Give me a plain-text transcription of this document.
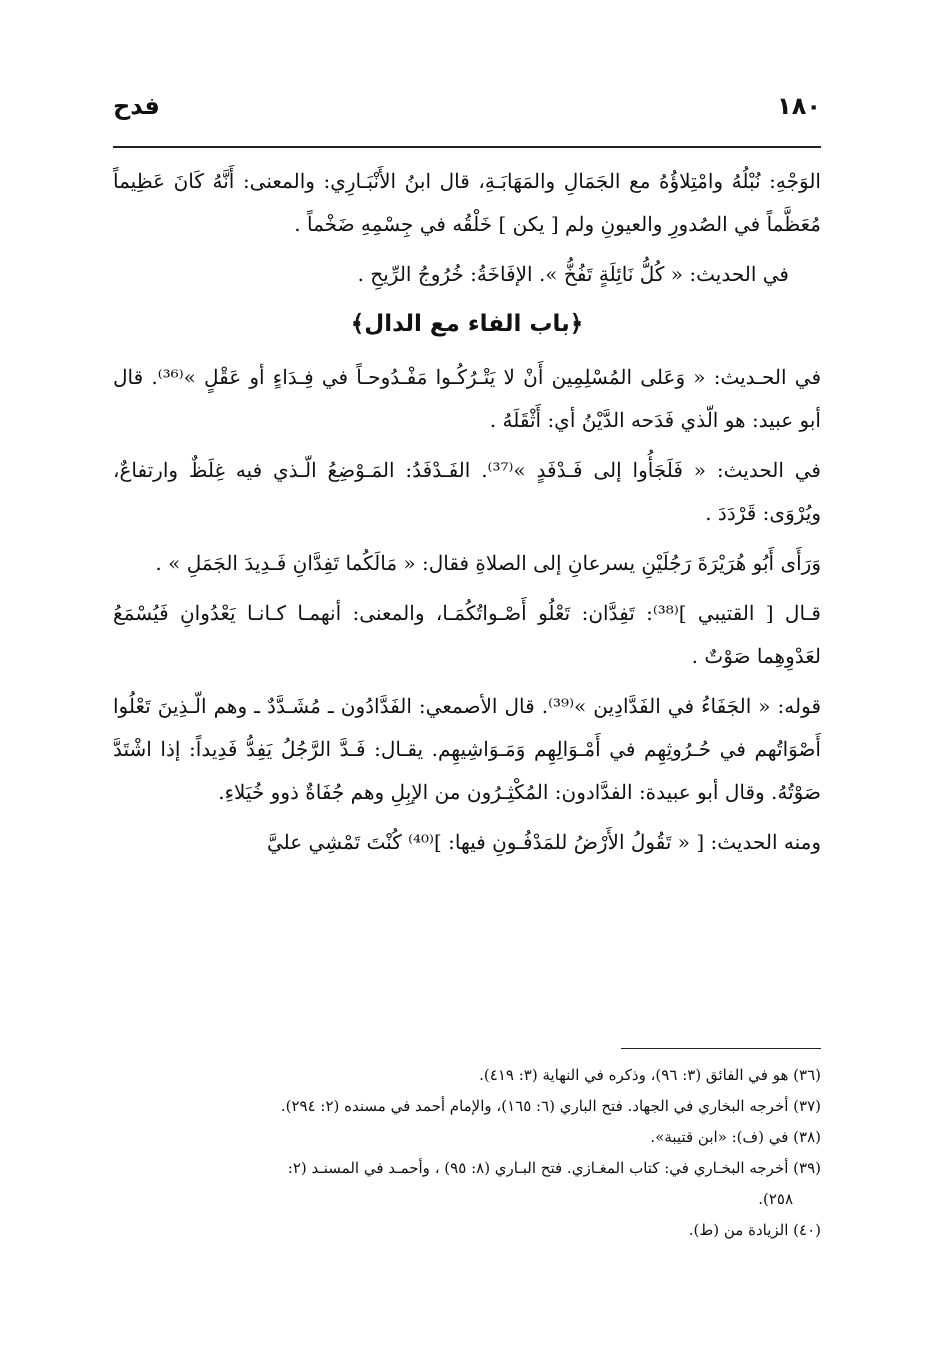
١٨٠
فدح

الوَجْهِ: نُبْلُهُ وامْتِلاؤُهُ مع الجَمَالِ والمَهَابَـةِ، قال ابنُ الأَنْبَـارِي: والمعنى: أَنَّهُ كَانَ عَظِيماً مُعَظَّماً في الصُدورِ والعيونِ ولم [ يكن ] خَلْقُه في جِسْمِهِ ضَخْماً .

في الحديث: « كُلُّ نَائِلَةٍ تَفُخُّ ». الإفَاخَةُ: خُرُوجُ الرِّيحِ .

﴿باب الفاء مع الدال﴾

في الحـديث: « وَعَلى المُسْلِمِين أَنْ لا يَتْـرُكُـوا مَفْـدُوحـاً في فِـدَاءٍ أو عَقْلٍ »⁽³⁶⁾. قال أبو عبيد: هو الّذي فَدَحه الدَّيْنُ أي: أَثْقَلَهُ .

في الحديث: « فَلَجَأُوا إلى فَـدْفَدٍ »⁽³⁷⁾. الفَـدْفَدُ: المَـوْضِعُ الّـذي فيه غِلَظٌ وارتفاعٌ، ويُرْوَى: قَرْدَدَ .

وَرَأَى أَبُو هُرَيْرَةَ رَجُلَيْنِ يسرعانِ إلى الصلاةِ فقال: « مَالَكُما تَفِدَّانِ فَـدِيدَ الجَمَلِ » .

قـال [ القتيبي ]⁽³⁸⁾: تَفِدَّان: تَعْلُو أَصْـواتُكُمَـا، والمعنى: أنهمـا كـانـا يَعْدُوانِ فَيُسْمَعُ لعَدْوِهِما صَوْتٌ .

قوله: « الجَفَاءُ في الفَدَّادِين »⁽³⁹⁾. قال الأصمعي: الفَدَّادُون ـ مُشَـدَّدٌ ـ وهم الّـذِينَ تَعْلُوا أَصْوَاتُهم في حُـرُوثِهِم في أَمْـوَالِهِم وَمَـوَاشِيهِم. يقـال: فَـدَّ الرَّجُلُ يَفِدُّ فَدِيداً: إذا اشْتَدَّ صَوْتُهُ. وقال أبو عبيدة: الفدَّادون: المُكْثِـرُون من الإبِلِ وهم جُفَاةٌ ذوو خُيَلاءِ.

ومنه الحديث: [ « تَقُولُ الأَرْضُ للمَدْفُـونِ فيها: ]⁽⁴⁰⁾ كُنْتَ تَمْشِي عليَّ

(٣٦) هو في الفائق (٣: ٩٦)، وذكره في النهاية (٣: ٤١٩).

(٣٧) أخرجه البخاري في الجهاد. فتح الباري (٦: ١٦٥)، والإمام أحمد في مسنده (٢: ٢٩٤).

(٣٨) في (ف): «ابن قتيبة».

(٣٩) أخرجه البخـاري في: كتاب المغـازي. فتح البـاري (٨: ٩٥) ، وأحمـد في المسنـد (٢:

٢٥٨).

(٤٠) الزيادة من (ط).
